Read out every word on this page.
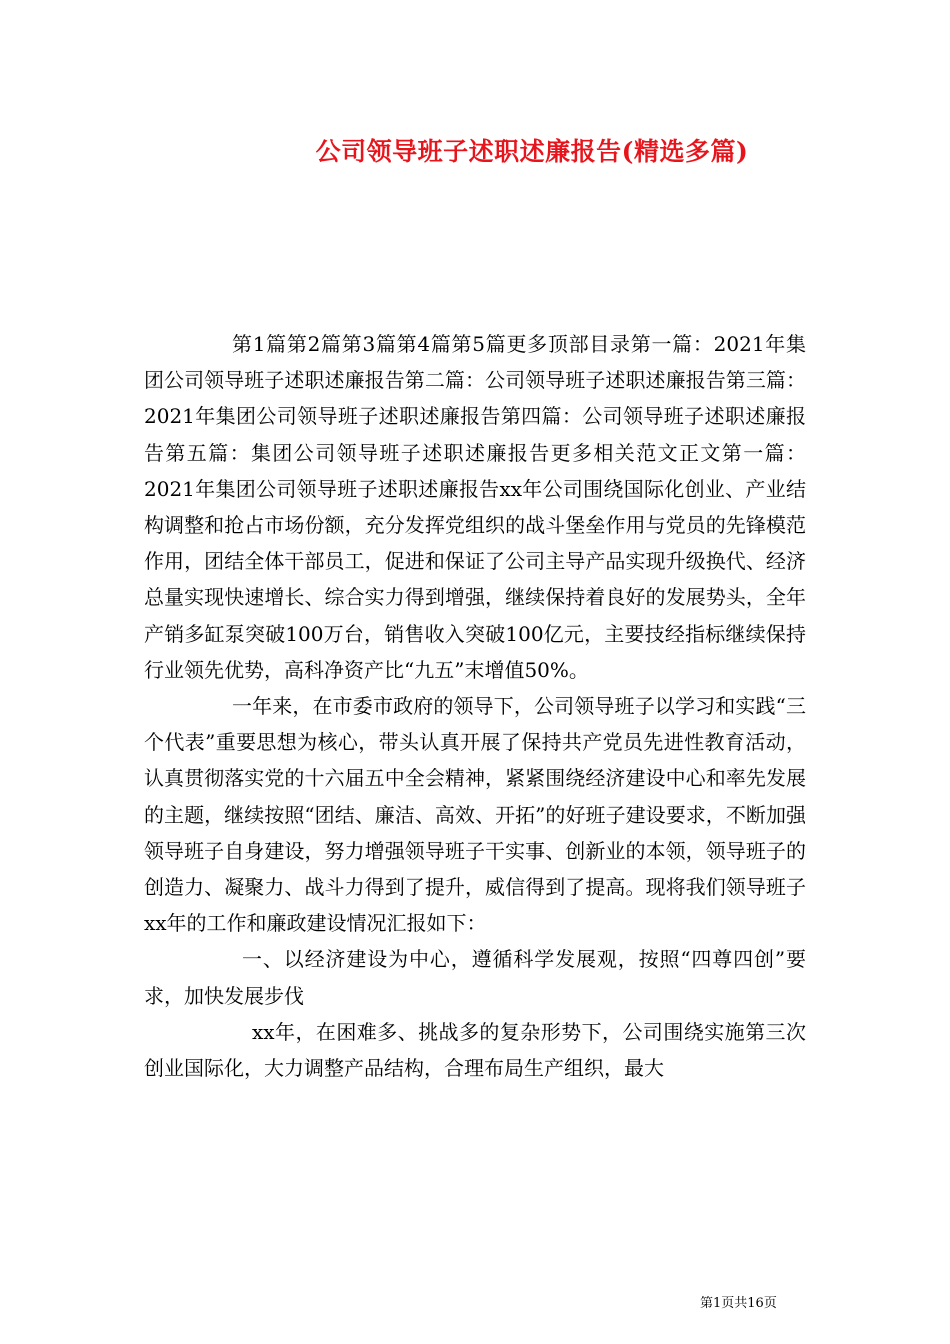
公司领导班子述职述廉报告(精选多篇)

第1篇第2篇第3篇第4篇第5篇更多顶部目录第一篇：2021年集团公司领导班子述职述廉报告第二篇：公司领导班子述职述廉报告第三篇：2021年集团公司领导班子述职述廉报告第四篇：公司领导班子述职述廉报告第五篇：集团公司领导班子述职述廉报告更多相关范文正文第一篇：2021年集团公司领导班子述职述廉报告xx年公司围绕国际化创业、产业结构调整和抢占市场份额，充分发挥党组织的战斗堡垒作用与党员的先锋模范作用，团结全体干部员工，促进和保证了公司主导产品实现升级换代、经济总量实现快速增长、综合实力得到增强，继续保持着良好的发展势头，全年产销多缸泵突破100万台，销售收入突破100亿元，主要技经指标继续保持行业领先优势，高科净资产比“九五”末增值50%。

一年来，在市委市政府的领导下，公司领导班子以学习和实践“三个代表”重要思想为核心，带头认真开展了保持共产党员先进性教育活动，认真贯彻落实党的十六届五中全会精神，紧紧围绕经济建设中心和率先发展的主题，继续按照“团结、廉洁、高效、开拓”的好班子建设要求，不断加强领导班子自身建设，努力增强领导班子干实事、创新业的本领，领导班子的创造力、凝聚力、战斗力得到了提升，威信得到了提高。现将我们领导班子xx年的工作和廉政建设情况汇报如下：

一、以经济建设为中心，遵循科学发展观，按照“四尊四创”要求，加快发展步伐

xx年，在困难多、挑战多的复杂形势下，公司围绕实施第三次创业国际化，大力调整产品结构，合理布局生产组织，最大

第1页共16页
